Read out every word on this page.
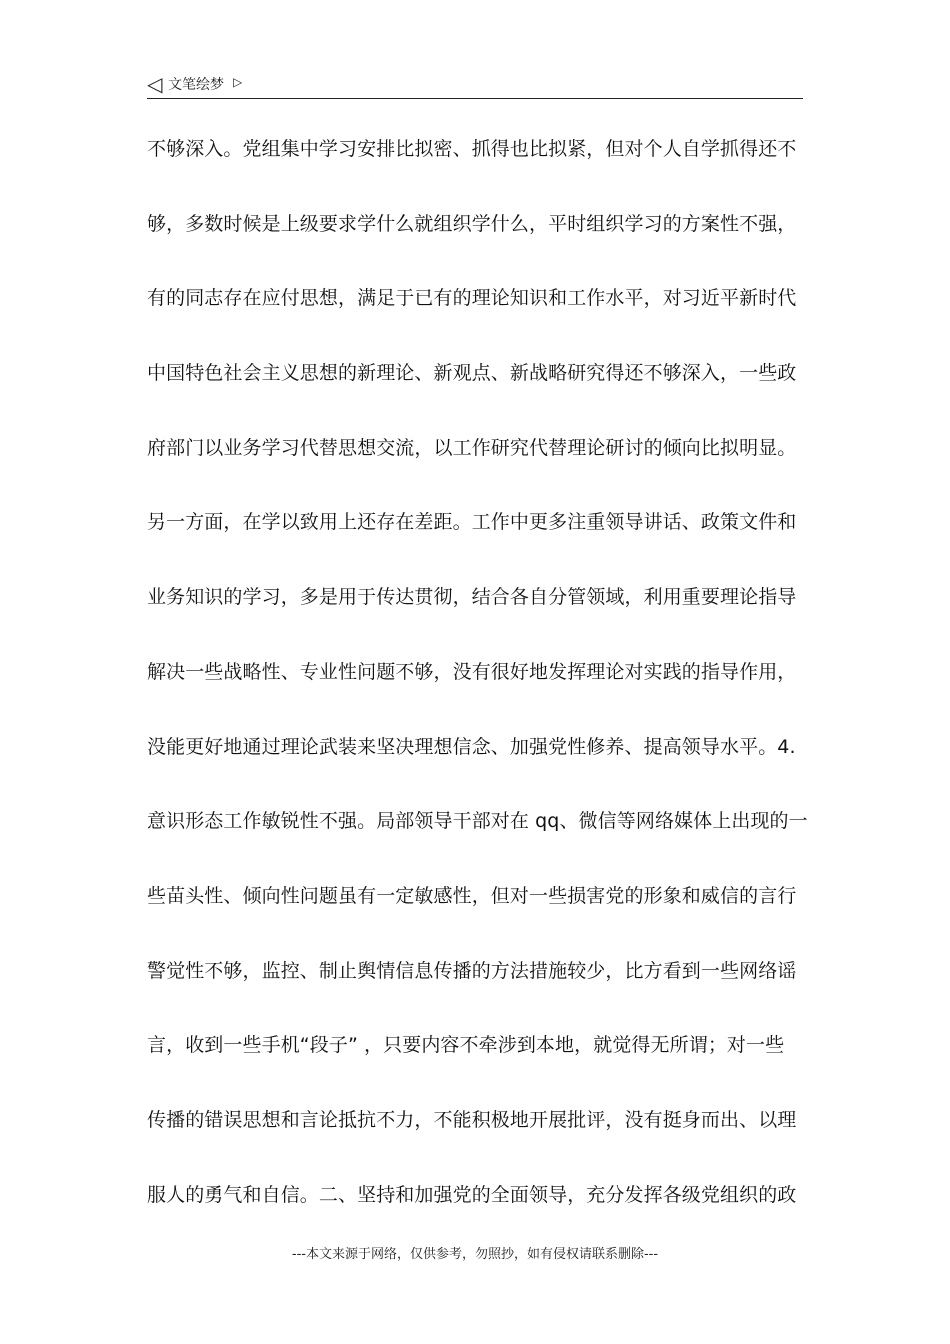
◁ 文笔绘梦 ▷
不够深入。党组集中学习安排比拟密、抓得也比拟紧，但对个人自学抓得还不
够，多数时候是上级要求学什么就组织学什么，平时组织学习的方案性不强，
有的同志存在应付思想，满足于已有的理论知识和工作水平，对习近平新时代
中国特色社会主义思想的新理论、新观点、新战略研究得还不够深入，一些政
府部门以业务学习代替思想交流，以工作研究代替理论研讨的倾向比拟明显。
另一方面，在学以致用上还存在差距。工作中更多注重领导讲话、政策文件和
业务知识的学习，多是用于传达贯彻，结合各自分管领域，利用重要理论指导
解决一些战略性、专业性问题不够，没有很好地发挥理论对实践的指导作用，
没能更好地通过理论武装来坚决理想信念、加强党性修养、提高领导水平。4.
意识形态工作敏锐性不强。局部领导干部对在 qq、微信等网络媒体上出现的一
些苗头性、倾向性问题虽有一定敏感性，但对一些损害党的形象和威信的言行
警觉性不够，监控、制止舆情信息传播的方法措施较少，比方看到一些网络谣
言，收到一些手机“段子” ，只要内容不牵涉到本地，就觉得无所谓；对一些
传播的错误思想和言论抵抗不力，不能积极地开展批评，没有挺身而出、以理
服人的勇气和自信。二、坚持和加强党的全面领导，充分发挥各级党组织的政
---本文来源于网络，仅供参考，勿照抄，如有侵权请联系删除---
